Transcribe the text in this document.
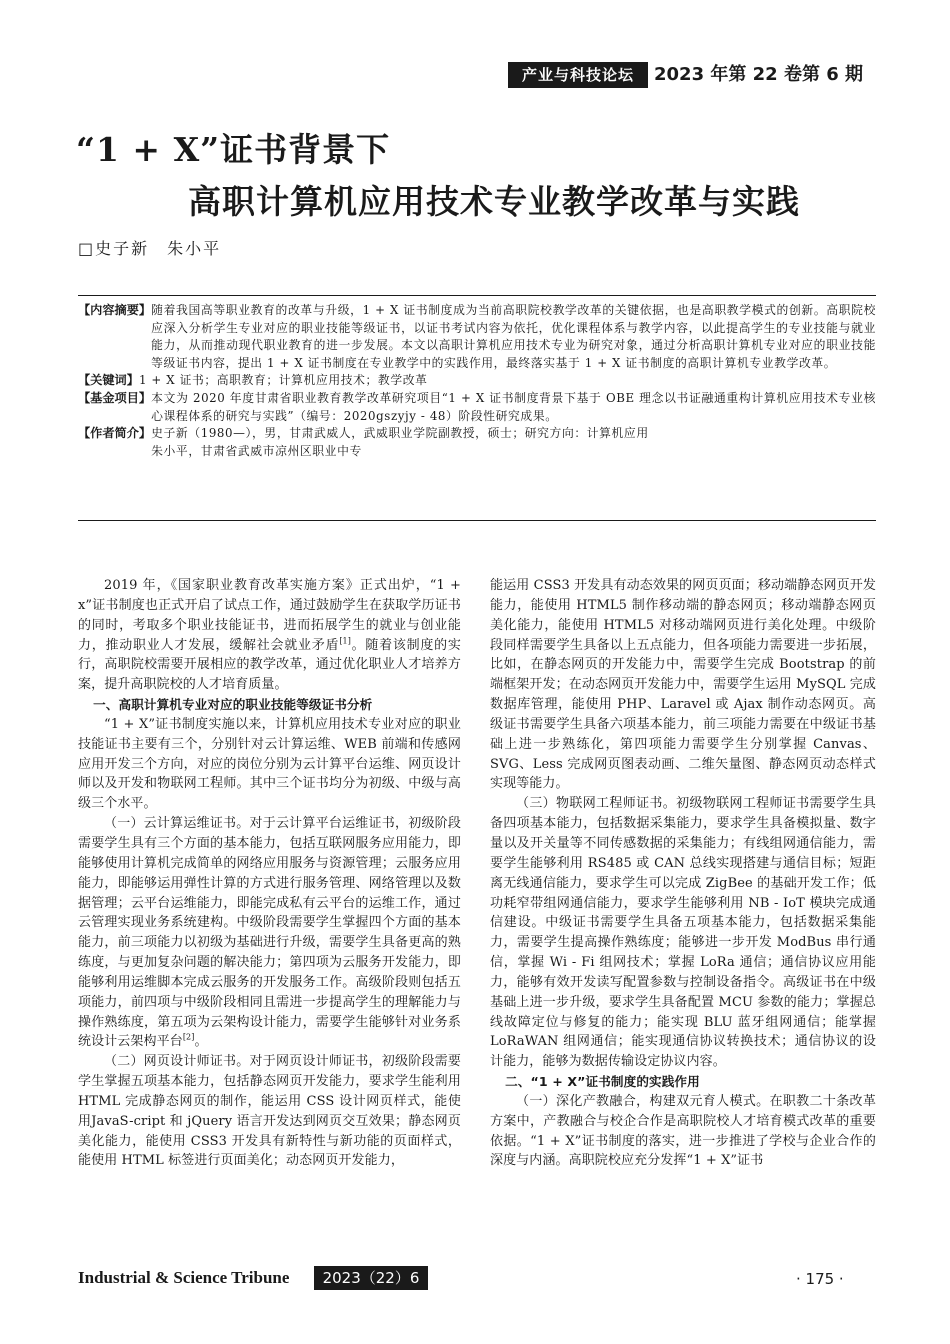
产业与科技论坛	2023 年第 22 卷第 6 期
“1 + X”证书背景下
高职计算机应用技术专业教学改革与实践
□史子新　朱小平
【内容摘要】 随着我国高等职业教育的改革与升级，1 + X 证书制度成为当前高职院校教学改革的关键依据，也是高职教学模式的创新。高职院校应深入分析学生专业对应的职业技能等级证书，以证书考试内容为依托，优化课程体系与教学内容，以此提高学生的专业技能与就业能力，从而推动现代职业教育的进一步发展。本文以高职计算机应用技术专业为研究对象，通过分析高职计算机专业对应的职业技能等级证书内容，提出 1 + X 证书制度在专业教学中的实践作用，最终落实基于 1 + X 证书制度的高职计算机专业教学改革。
【关键词】 1 + X 证书；高职教育；计算机应用技术；教学改革
【基金项目】 本文为 2020 年度甘肃省职业教育教学改革研究项目“1 + X 证书制度背景下基于 OBE 理念以书证融通重构计算机应用技术专业核心课程体系的研究与实践”（编号：2020gszyjy - 48）阶段性研究成果。
【作者简介】 史子新（1980—），男，甘肃武威人，武威职业学院副教授，硕士；研究方向：计算机应用
朱小平，甘肃省武威市凉州区职业中专

2019 年，《国家职业教育改革实施方案》正式出炉，“1 + x”证书制度也正式开启了试点工作，通过鼓励学生在获取学历证书的同时，考取多个职业技能证书，进而拓展学生的就业与创业能力，推动职业人才发展，缓解社会就业矛盾[1]。随着该制度的实行，高职院校需要开展相应的教学改革，通过优化职业人才培养方案，提升高职院校的人才培育质量。

一、高职计算机专业对应的职业技能等级证书分析

“1 + X”证书制度实施以来，计算机应用技术专业对应的职业技能证书主要有三个，分别针对云计算运维、WEB 前端和传感网应用开发三个方向，对应的岗位分别为云计算平台运维、网页设计师以及开发和物联网工程师。其中三个证书均分为初级、中级与高级三个水平。

（一）云计算运维证书。对于云计算平台运维证书，初级阶段需要学生具有三个方面的基本能力，包括互联网服务应用能力，即能够使用计算机完成简单的网络应用服务与资源管理；云服务应用能力，即能够运用弹性计算的方式进行服务管理、网络管理以及数据管理；云平台运维能力，即能完成私有云平台的运维工作，通过云管理实现业务系统建构。中级阶段需要学生掌握四个方面的基本能力，前三项能力以初级为基础进行升级，需要学生具备更高的熟练度，与更加复杂问题的解决能力；第四项为云服务开发能力，即能够利用运维脚本完成云服务的开发服务工作。高级阶段则包括五项能力，前四项与中级阶段相同且需进一步提高学生的理解能力与操作熟练度，第五项为云架构设计能力，需要学生能够针对业务系统设计云架构平台[2]。

（二）网页设计师证书。对于网页设计师证书，初级阶段需要学生掌握五项基本能力，包括静态网页开发能力，要求学生能利用 HTML 完成静态网页的制作，能运用 CSS 设计网页样式，能使用JavaS-cript 和 jQuery 语言开发达到网页交互效果；静态网页美化能力，能使用 CSS3 开发具有新特性与新功能的页面样式，能使用 HTML 标签进行页面美化；动态网页开发能力，

能运用 CSS3 开发具有动态效果的网页页面；移动端静态网页开发能力，能使用 HTML5 制作移动端的静态网页；移动端静态网页美化能力，能使用 HTML5 对移动端网页进行美化处理。中级阶段同样需要学生具备以上五点能力，但各项能力需要进一步拓展，比如，在静态网页的开发能力中，需要学生完成 Bootstrap 的前端框架开发；在动态网页开发能力中，需要学生运用 MySQL 完成数据库管理，能使用 PHP、Laravel 或 Ajax 制作动态网页。高级证书需要学生具备六项基本能力，前三项能力需要在中级证书基础上进一步熟练化，第四项能力需要学生分别掌握 Canvas、SVG、Less 完成网页图表动画、二维矢量图、静态网页动态样式实现等能力。

（三）物联网工程师证书。初级物联网工程师证书需要学生具备四项基本能力，包括数据采集能力，要求学生具备模拟量、数字量以及开关量等不同传感数据的采集能力；有线组网通信能力，需要学生能够利用 RS485 或 CAN 总线实现搭建与通信目标；短距离无线通信能力，要求学生可以完成 ZigBee 的基础开发工作；低功耗窄带组网通信能力，要求学生能够利用 NB - IoT 模块完成通信建设。中级证书需要学生具备五项基本能力，包括数据采集能力，需要学生提高操作熟练度；能够进一步开发 ModBus 串行通信，掌握 Wi - Fi 组网技术；掌握 LoRa 通信；通信协议应用能力，能够有效开发读写配置参数与控制设备指令。高级证书在中级基础上进一步升级，要求学生具备配置 MCU 参数的能力；掌握总线故障定位与修复的能力；能实现 BLU 蓝牙组网通信；能掌握 LoRaWAN 组网通信；能实现通信协议转换技术；通信协议的设计能力，能够为数据传输设定协议内容。

二、“1 + X”证书制度的实践作用

（一）深化产教融合，构建双元育人模式。在职教二十条改革方案中，产教融合与校企合作是高职院校人才培育模式改革的重要依据。“1 + X”证书制度的落实，进一步推进了学校与企业合作的深度与内涵。高职院校应充分发挥“1 + X”证书

Industrial & Science Tribune	2023（22）6	· 175 ·
